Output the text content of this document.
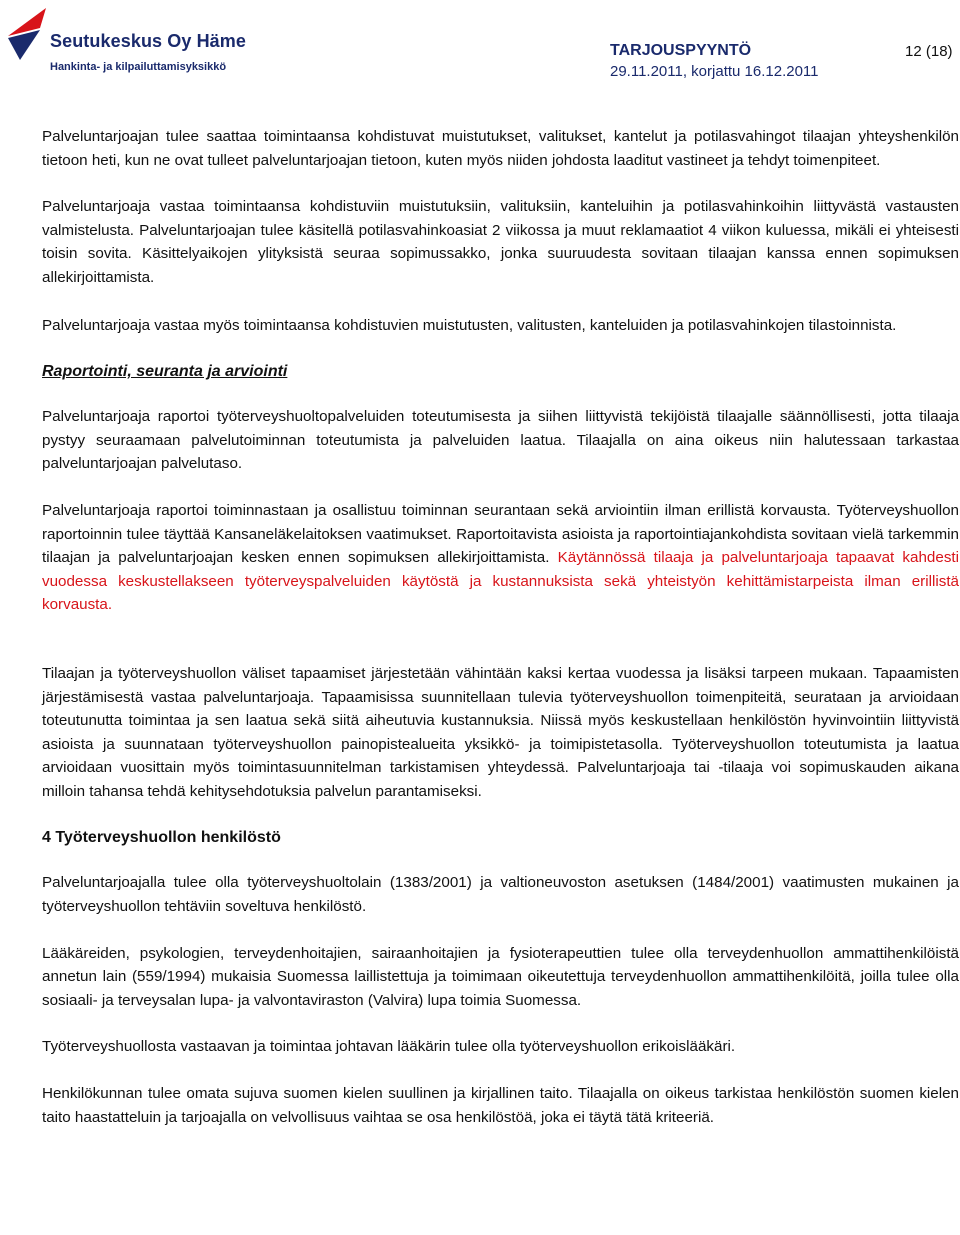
Seutukeskus Oy Häme
Hankinta- ja kilpailuttamisyksikkö
TARJOUSPYYNTÖ
29.11.2011, korjattu 16.12.2011
12 (18)

Palveluntarjoajan tulee saattaa toimintaansa kohdistuvat muistutukset, valitukset, kantelut ja potilasvahingot tilaajan yhteyshenkilön tietoon heti, kun ne ovat tulleet palveluntarjoajan tietoon, kuten myös niiden johdosta laaditut vastineet ja tehdyt toimenpiteet.

Palveluntarjoaja vastaa toimintaansa kohdistuviin muistutuksiin, valituksiin, kanteluihin ja potilasvahinkoihin liittyvästä vastausten valmistelusta. Palveluntarjoajan tulee käsitellä potilasvahinkoasiat 2 viikossa ja muut reklamaatiot 4 viikon kuluessa, mikäli ei yhteisesti toisin sovita. Käsittelyaikojen ylityksistä seuraa sopimussakko, jonka suuruudesta sovitaan tilaajan kanssa ennen sopimuksen allekirjoittamista.

Palveluntarjoaja vastaa myös toimintaansa kohdistuvien muistutusten, valitusten, kanteluiden ja potilasvahinkojen tilastoinnista.

Raportointi, seuranta ja arviointi

Palveluntarjoaja raportoi työterveyshuoltopalveluiden toteutumisesta ja siihen liittyvistä tekijöistä tilaajalle säännöllisesti, jotta tilaaja pystyy seuraamaan palvelutoiminnan toteutumista ja palveluiden laatua. Tilaajalla on aina oikeus niin halutessaan tarkastaa palveluntarjoajan palvelutaso.

Palveluntarjoaja raportoi toiminnastaan ja osallistuu toiminnan seurantaan sekä arviointiin ilman erillistä korvausta. Työterveyshuollon raportoinnin tulee täyttää Kansaneläkelaitoksen vaatimukset. Raportoitavista asioista ja raportointiajankohdista sovitaan vielä tarkemmin tilaajan ja palveluntarjoajan kesken ennen sopimuksen allekirjoittamista. Käytännössä tilaaja ja palveluntarjoaja tapaavat kahdesti vuodessa keskustellakseen työterveyspalveluiden käytöstä ja kustannuksista sekä yhteistyön kehittämistarpeista ilman erillistä korvausta.

Tilaajan ja työterveyshuollon väliset tapaamiset järjestetään vähintään kaksi kertaa vuodessa ja lisäksi tarpeen mukaan. Tapaamisten järjestämisestä vastaa palveluntarjoaja. Tapaamisissa suunnitellaan tulevia työterveyshuollon toimenpiteitä, seurataan ja arvioidaan toteutunutta toimintaa ja sen laatua sekä siitä aiheutuvia kustannuksia. Niissä myös keskustellaan henkilöstön hyvinvointiin liittyvistä asioista ja suunnataan työterveyshuollon painopistealueita yksikkö- ja toimipistetasolla. Työterveyshuollon toteutumista ja laatua arvioidaan vuosittain myös toimintasuunnitelman tarkistamisen yhteydessä. Palveluntarjoaja tai -tilaaja voi sopimuskauden aikana milloin tahansa tehdä kehitysehdotuksia palvelun parantamiseksi.

4 Työterveyshuollon henkilöstö

Palveluntarjoajalla tulee olla työterveyshuoltolain (1383/2001) ja valtioneuvoston asetuksen (1484/2001) vaatimusten mukainen ja työterveyshuollon tehtäviin soveltuva henkilöstö.

Lääkäreiden, psykologien, terveydenhoitajien, sairaanhoitajien ja fysioterapeuttien tulee olla terveydenhuollon ammattihenkilöistä annetun lain (559/1994) mukaisia Suomessa laillistettuja ja toimimaan oikeutettuja terveydenhuollon ammattihenkilöitä, joilla tulee olla sosiaali- ja terveysalan lupa- ja valvontaviraston (Valvira) lupa toimia Suomessa.

Työterveyshuollosta vastaavan ja toimintaa johtavan lääkärin tulee olla työterveyshuollon erikoislääkäri.

Henkilökunnan tulee omata sujuva suomen kielen suullinen ja kirjallinen taito. Tilaajalla on oikeus tarkistaa henkilöstön suomen kielen taito haastatteluin ja tarjoajalla on velvollisuus vaihtaa se osa henkilöstöä, joka ei täytä tätä kriteeriä.
